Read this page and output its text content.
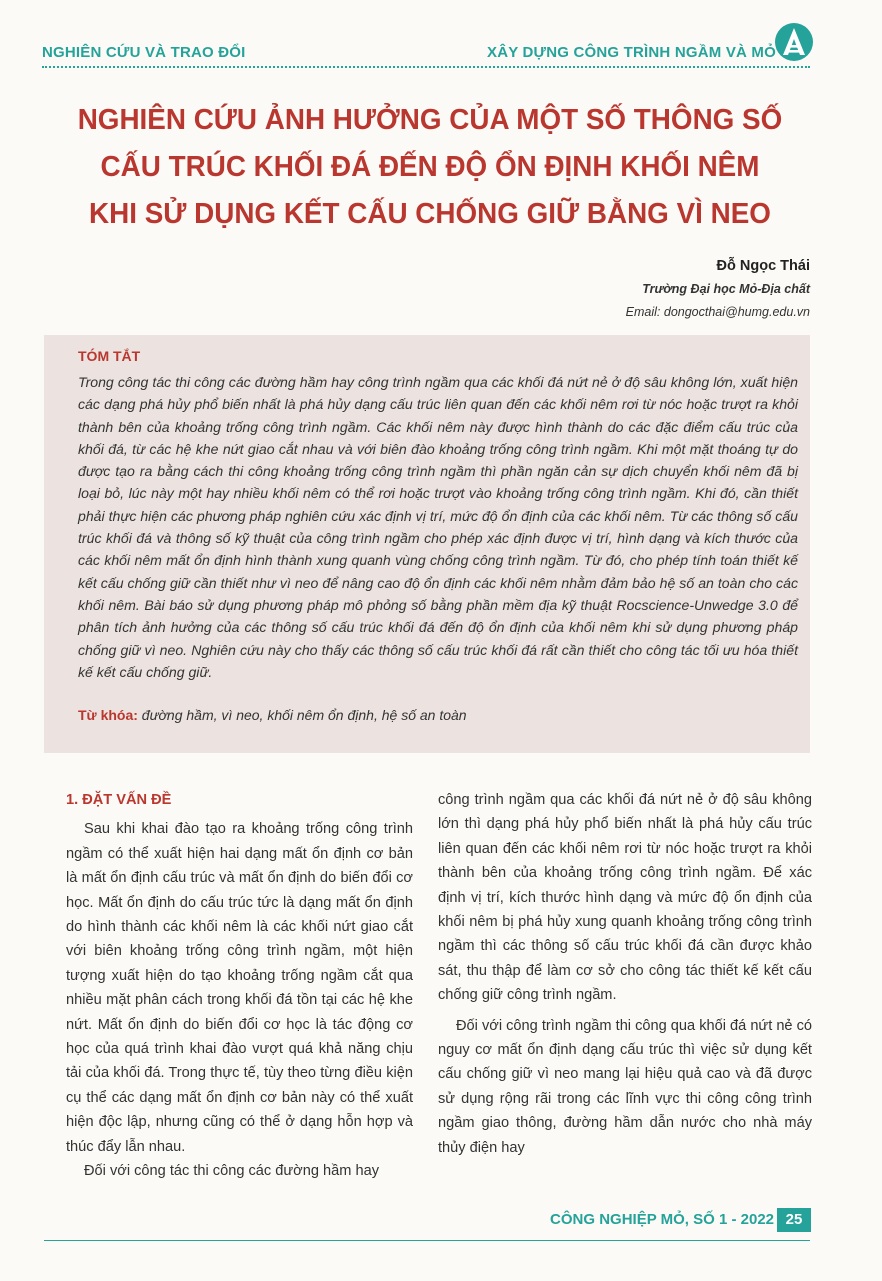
NGHIÊN CỨU VÀ TRAO ĐỔI	XÂY DỰNG CÔNG TRÌNH NGẦM VÀ MỎ
NGHIÊN CỨU ẢNH HƯỞNG CỦA MỘT SỐ THÔNG SỐ
CẤU TRÚC KHỐI ĐÁ ĐẾN ĐỘ ỔN ĐỊNH KHỐI NÊM
KHI SỬ DỤNG KẾT CẤU CHỐNG GIỮ BẰNG VÌ NEO
Đỗ Ngọc Thái
Trường Đại học Mỏ-Địa chất
Email: dongocthai@humg.edu.vn
TÓM TẮT
Trong công tác thi công các đường hầm hay công trình ngầm qua các khối đá nứt nẻ ở độ sâu không lớn, xuất hiện các dạng phá hủy phổ biến nhất là phá hủy dạng cấu trúc liên quan đến các khối nêm rơi từ nóc hoặc trượt ra khỏi thành bên của khoảng trống công trình ngầm. Các khối nêm này được hình thành do các đặc điểm cấu trúc của khối đá, từ các hệ khe nứt giao cắt nhau và với biên đào khoảng trống công trình ngầm. Khi một mặt thoáng tự do được tạo ra bằng cách thi công khoảng trống công trình ngầm thì phần ngăn cản sự dịch chuyển khối nêm đã bị loại bỏ, lúc này một hay nhiều khối nêm có thể rơi hoặc trượt vào khoảng trống công trình ngầm. Khi đó, cần thiết phải thực hiện các phương pháp nghiên cứu xác định vị trí, mức độ ổn định của các khối nêm. Từ các thông số cấu trúc khối đá và thông số kỹ thuật của công trình ngầm cho phép xác định được vị trí, hình dạng và kích thước của các khối nêm mất ổn định hình thành xung quanh vùng chống công trình ngầm. Từ đó, cho phép tính toán thiết kế kết cấu chống giữ cần thiết như vì neo để nâng cao độ ổn định các khối nêm nhằm đảm bảo hệ số an toàn cho các khối nêm. Bài báo sử dụng phương pháp mô phỏng số bằng phần mềm địa kỹ thuật Rocscience-Unwedge 3.0 để phân tích ảnh hưởng của các thông số cấu trúc khối đá đến độ ổn định của khối nêm khi sử dụng phương pháp chống giữ vì neo. Nghiên cứu này cho thấy các thông số cấu trúc khối đá rất cần thiết cho công tác tối ưu hóa thiết kế kết cấu chống giữ.
Từ khóa: đường hầm, vì neo, khối nêm ổn định, hệ số an toàn
1. ĐẶT VẤN ĐỀ

Sau khi khai đào tạo ra khoảng trống công trình ngầm có thể xuất hiện hai dạng mất ổn định cơ bản là mất ổn định cấu trúc và mất ổn định do biến đổi cơ học. Mất ổn định do cấu trúc tức là dạng mất ổn định do hình thành các khối nêm là các khối nứt giao cắt với biên khoảng trống công trình ngầm, một hiện tượng xuất hiện do tạo khoảng trống ngầm cắt qua nhiều mặt phân cách trong khối đá tồn tại các hệ khe nứt. Mất ổn định do biến đổi cơ học là tác động cơ học của quá trình khai đào vượt quá khả năng chịu tải của khối đá. Trong thực tế, tùy theo từng điều kiện cụ thể các dạng mất ổn định cơ bản này có thể xuất hiện độc lập, nhưng cũng có thể ở dạng hỗn hợp và thúc đẩy lẫn nhau.

Đối với công tác thi công các đường hầm hay

công trình ngầm qua các khối đá nứt nẻ ở độ sâu không lớn thì dạng phá hủy phổ biến nhất là phá hủy cấu trúc liên quan đến các khối nêm rơi từ nóc hoặc trượt ra khỏi thành bên của khoảng trống công trình ngầm. Để xác định vị trí, kích thước hình dạng và mức độ ổn định của khối nêm bị phá hủy xung quanh khoảng trống công trình ngầm thì các thông số cấu trúc khối đá cần được khảo sát, thu thập để làm cơ sở cho công tác thiết kế kết cấu chống giữ công trình ngầm.

Đối với công trình ngầm thi công qua khối đá nứt nẻ có nguy cơ mất ổn định dạng cấu trúc thì việc sử dụng kết cấu chống giữ vì neo mang lại hiệu quả cao và đã được sử dụng rộng rãi trong các lĩnh vực thi công công trình ngầm giao thông, đường hầm dẫn nước cho nhà máy thủy điện hay

CÔNG NGHIỆP MỎ, SỐ 1 - 2022 25
